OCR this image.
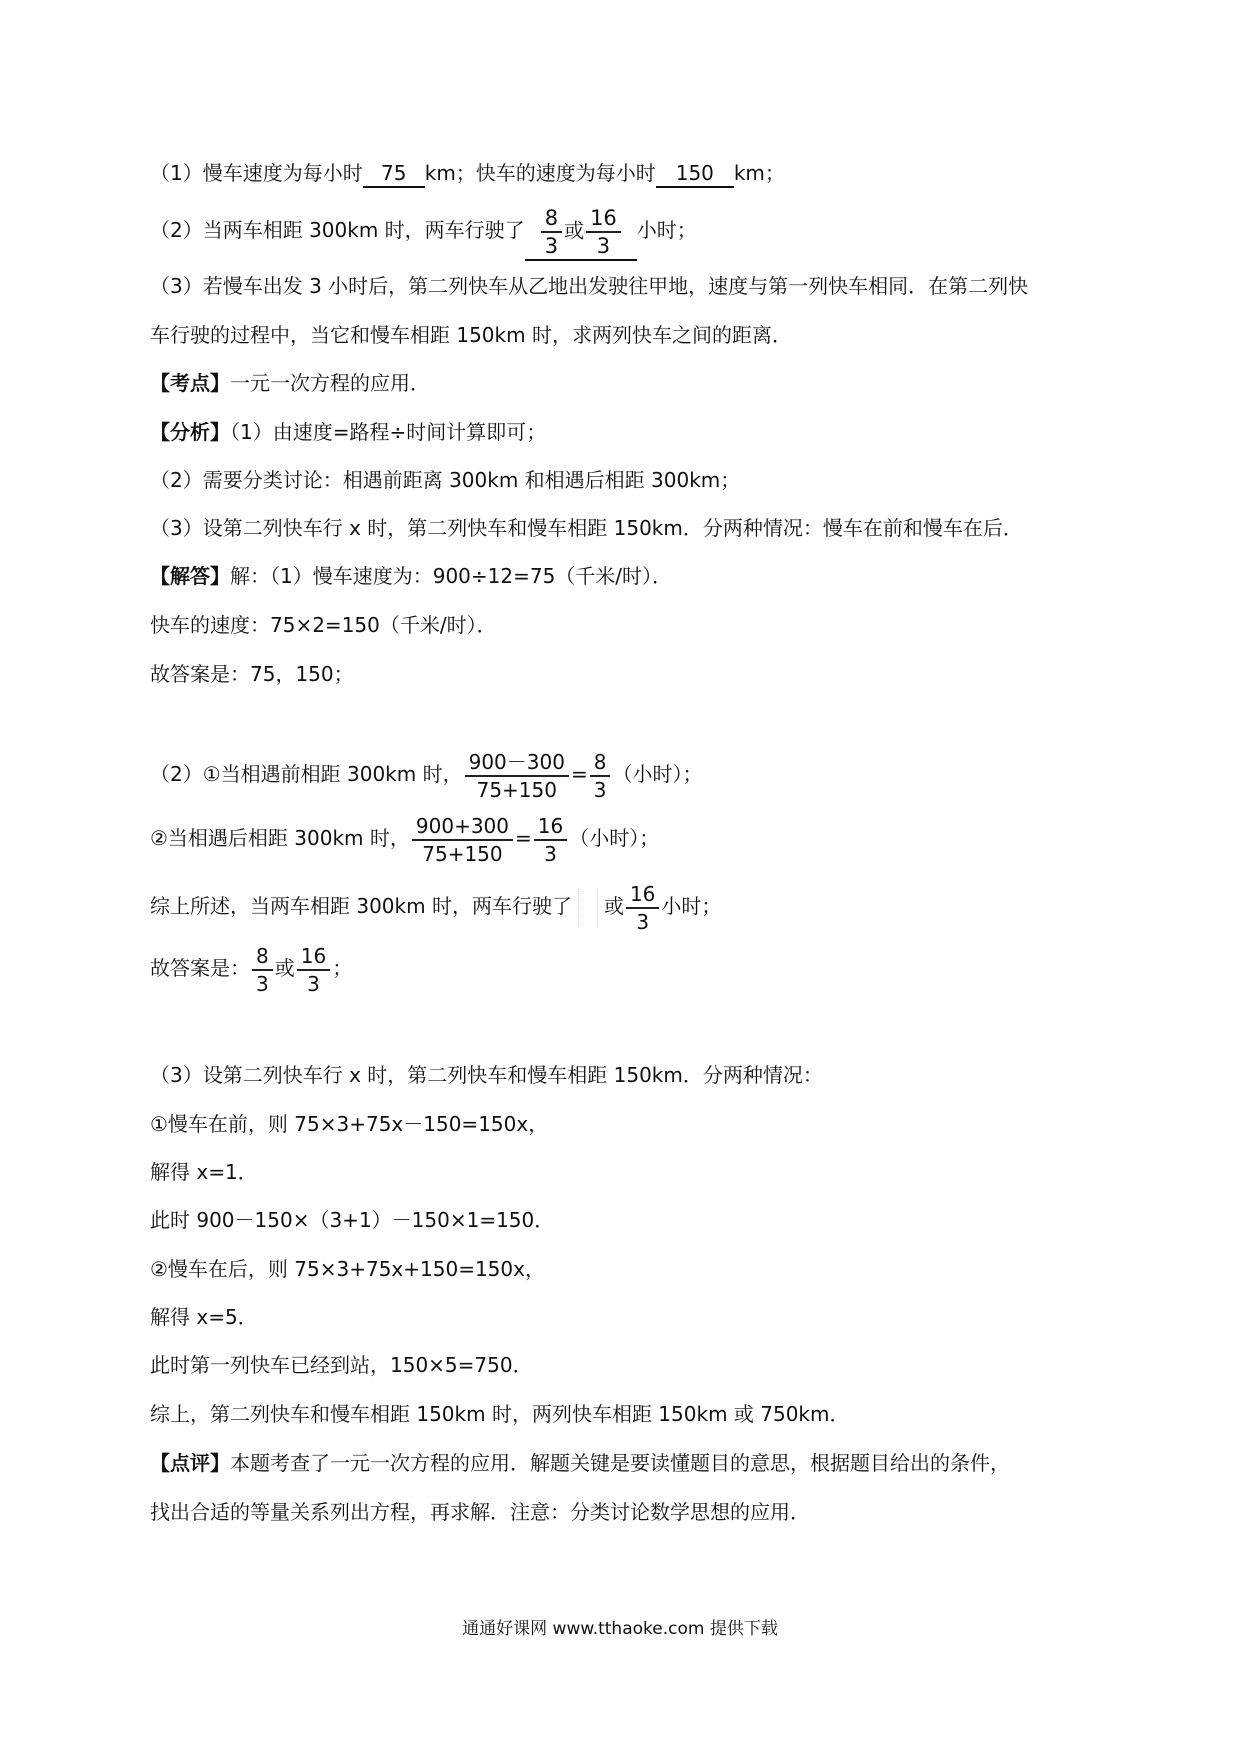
（1）慢车速度为每小时 75 km；快车的速度为每小时 150 km；
（2）当两车相距 300km 时，两车行驶了 $\frac{8}{3}$ 或 $\frac{16}{3}$ 小时；
（3）若慢车出发 3 小时后，第二列快车从乙地出发驶往甲地，速度与第一列快车相同．在第二列快
车行驶的过程中，当它和慢车相距 150km 时，求两列快车之间的距离．
【考点】一元一次方程的应用．
【分析】（1）由速度=路程÷时间计算即可；
（2）需要分类讨论：相遇前距离 300km 和相遇后相距 300km；
（3）设第二列快车行 x 时，第二列快车和慢车相距 150km．分两种情况：慢车在前和慢车在后．
【解答】解：（1）慢车速度为：900÷12=75（千米/时）．
快车的速度：75×2=150（千米/时）．
故答案是：75，150；
（2）①当相遇前相距 300km 时， $\frac{900-300}{75+150} = \frac{8}{3}$ （小时）；
②当相遇后相距 300km 时， $\frac{900+300}{75+150} = \frac{16}{3}$ （小时）；
综上所述，当两车相距 300km 时，两车行驶了 或 $\frac{16}{3}$ 小时；
故答案是： $\frac{8}{3}$ 或 $\frac{16}{3}$ ；
（3）设第二列快车行 x 时，第二列快车和慢车相距 150km．分两种情况：
①慢车在前，则 75×3+75x－150=150x，
解得 x=1．
此时 900－150×（3+1）－150×1=150．
②慢车在后，则 75×3+75x+150=150x，
解得 x=5．
此时第一列快车已经到站，150×5=750．
综上，第二列快车和慢车相距 150km 时，两列快车相距 150km 或 750km．
【点评】本题考查了一元一次方程的应用．解题关键是要读懂题目的意思，根据题目给出的条件，
找出合适的等量关系列出方程，再求解．注意：分类讨论数学思想的应用．
通通好课网 www.tthaoke.com 提供下载
